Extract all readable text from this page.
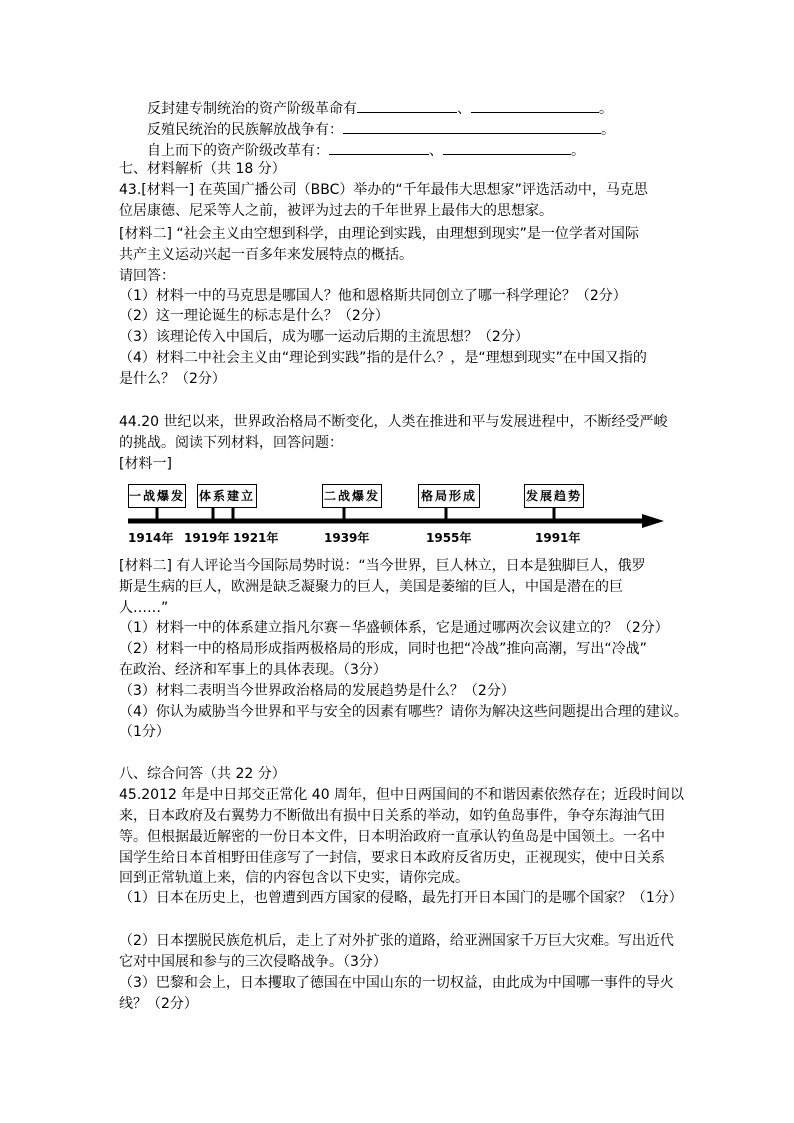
反封建专制统治的资产阶级革命有	、	。
反殖民统治的民族解放战争有：	。
自上而下的资产阶级改革有：	、	。
七、材料解析（共 18 分）
43.[材料一] 在英国广播公司（BBC）举办的“千年最伟大思想家”评选活动中，马克思
位居康德、尼采等人之前，被评为过去的千年世界上最伟大的思想家。
[材料二] “社会主义由空想到科学，由理论到实践，由理想到现实”是一位学者对国际
共产主义运动兴起一百多年来发展特点的概括。
请回答：
（1）材料一中的马克思是哪国人？他和恩格斯共同创立了哪一科学理论？（2分）
（2）这一理论诞生的标志是什么？（2分）
（3）该理论传入中国后，成为哪一运动后期的主流思想？（2分）
（4）材料二中社会主义由“理论到实践”指的是什么？，是“理想到现实”在中国又指的
是什么？（2分）
44.20 世纪以来，世界政治格局不断变化，人类在推进和平与发展进程中，不断经受严峻
的挑战。阅读下列材料，回答问题：
[材料一]
一战爆发 体系建立	二战爆发	格局形成	发展趋势
1914年 1919年 1921年	1939年	1955年	1991年
[材料二] 有人评论当今国际局势时说：“当今世界，巨人林立，日本是独脚巨人，俄罗
斯是生病的巨人，欧洲是缺乏凝聚力的巨人，美国是萎缩的巨人，中国是潜在的巨
人……”
（1）材料一中的体系建立指凡尔赛－华盛顿体系，它是通过哪两次会议建立的？（2分）
（2）材料一中的格局形成指两极格局的形成，同时也把“冷战”推向高潮，写出“冷战”
在政治、经济和军事上的具体表现。（3分）
（3）材料二表明当今世界政治格局的发展趋势是什么？（2分）
（4）你认为威胁当今世界和平与安全的因素有哪些？请你为解决这些问题提出合理的建议。
（1分）
八、综合问答（共 22 分）
45.2012 年是中日邦交正常化 40 周年，但中日两国间的不和谐因素依然存在；近段时间以
来，日本政府及右翼势力不断做出有损中日关系的举动，如钓鱼岛事件，争夺东海油气田
等。但根据最近解密的一份日本文件，日本明治政府一直承认钓鱼岛是中国领土。一名中
国学生给日本首相野田佳彦写了一封信，要求日本政府反省历史，正视现实，使中日关系
回到正常轨道上来，信的内容包含以下史实，请你完成。
（1）日本在历史上，也曾遭到西方国家的侵略，最先打开日本国门的是哪个国家？（1分）
（2）日本摆脱民族危机后，走上了对外扩张的道路，给亚洲国家千万巨大灾难。写出近代
它对中国展和参与的三次侵略战争。（3分）
（3）巴黎和会上，日本攫取了德国在中国山东的一切权益，由此成为中国哪一事件的导火
线？（2分）
